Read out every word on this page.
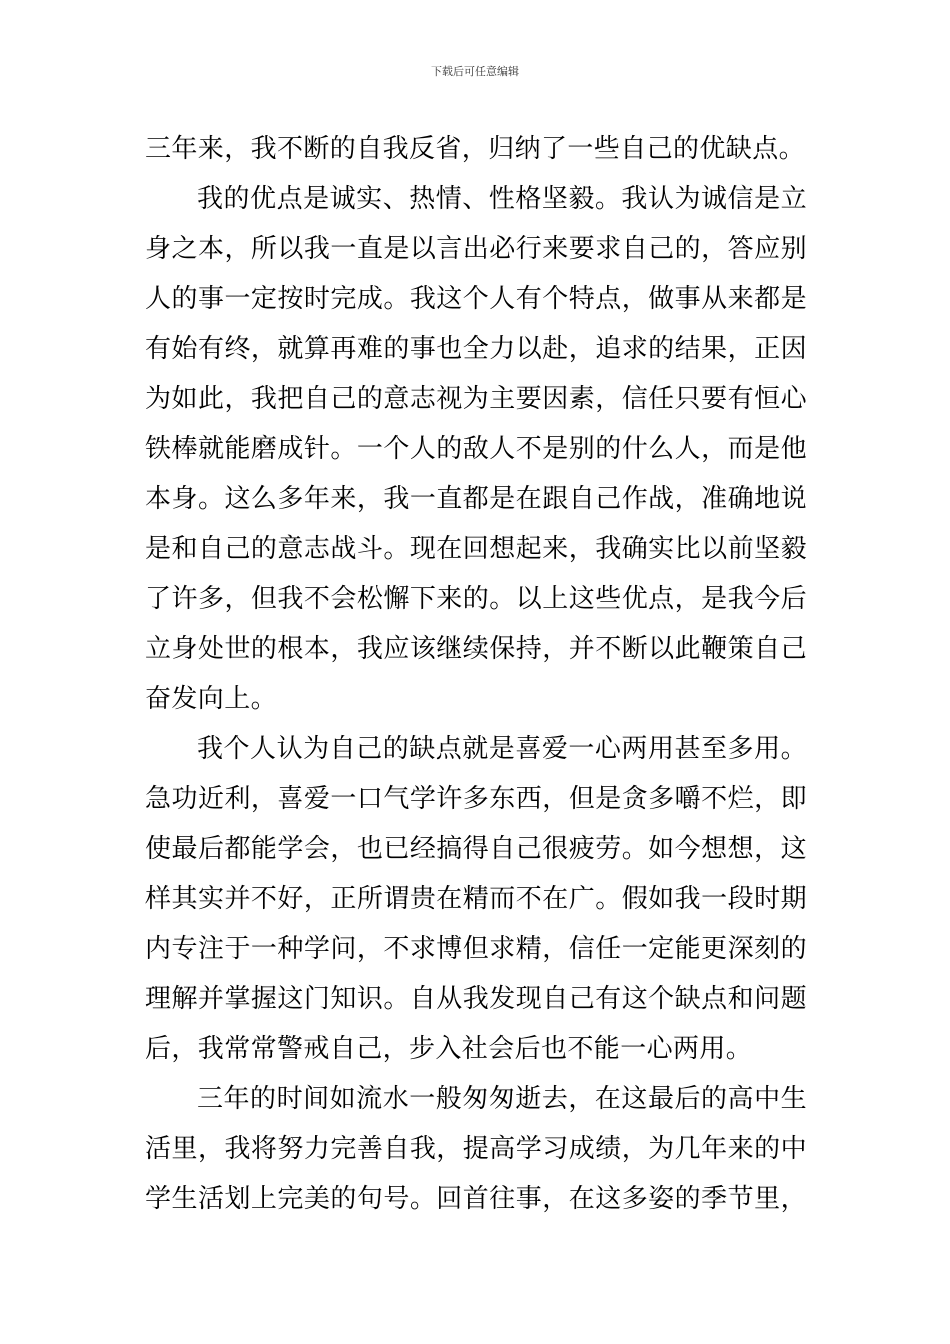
下载后可任意编辑
三年来，我不断的自我反省，归纳了一些自己的优缺点。
我的优点是诚实、热情、性格坚毅。我认为诚信是立
身之本，所以我一直是以言出必行来要求自己的，答应别
人的事一定按时完成。我这个人有个特点，做事从来都是
有始有终，就算再难的事也全力以赴，追求的结果，正因
为如此，我把自己的意志视为主要因素，信任只要有恒心
铁棒就能磨成针。一个人的敌人不是别的什么人，而是他
本身。这么多年来，我一直都是在跟自己作战，准确地说
是和自己的意志战斗。现在回想起来，我确实比以前坚毅
了许多，但我不会松懈下来的。以上这些优点，是我今后
立身处世的根本，我应该继续保持，并不断以此鞭策自己
奋发向上。
我个人认为自己的缺点就是喜爱一心两用甚至多用。
急功近利，喜爱一口气学许多东西，但是贪多嚼不烂，即
使最后都能学会，也已经搞得自己很疲劳。如今想想，这
样其实并不好，正所谓贵在精而不在广。假如我一段时期
内专注于一种学问，不求博但求精，信任一定能更深刻的
理解并掌握这门知识。自从我发现自己有这个缺点和问题
后，我常常警戒自己，步入社会后也不能一心两用。
三年的时间如流水一般匆匆逝去，在这最后的高中生
活里，我将努力完善自我，提高学习成绩，为几年来的中
学生活划上完美的句号。回首往事，在这多姿的季节里，
